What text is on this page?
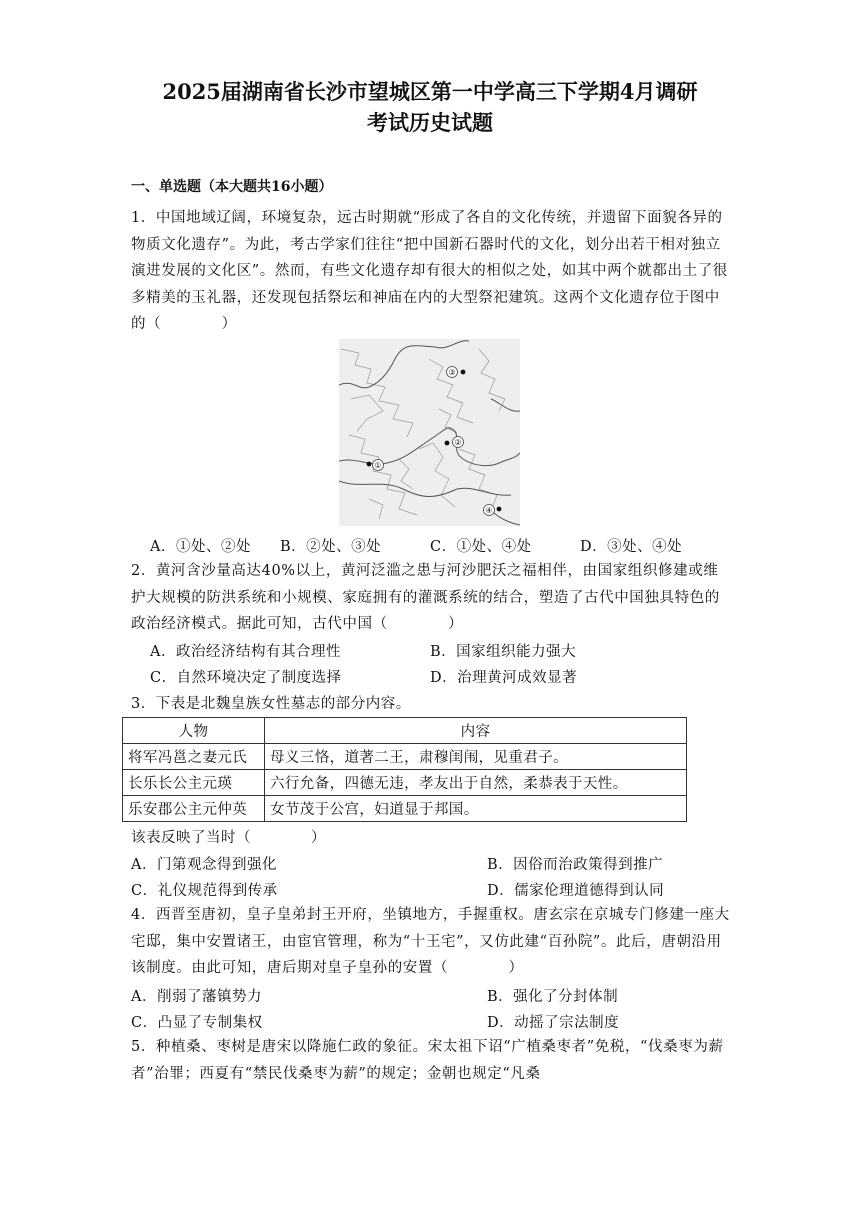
2025届湖南省长沙市望城区第一中学高三下学期4月调研
考试历史试题
一、单选题（本大题共16小题）
1．中国地域辽阔，环境复杂，远古时期就“形成了各自的文化传统，并遗留下面貌各异的物质文化遗存”。为此，考古学家们往往“把中国新石器时代的文化，划分出若干相对独立演进发展的文化区”。然而，有些文化遗存却有很大的相似之处，如其中两个就都出土了很多精美的玉礼器，还发现包括祭坛和神庙在内的大型祭祀建筑。这两个文化遗存位于图中的（　　　　）
①
②
③
④
A．①处、②处 B．②处、③处	C．①处、④处	D．③处、④处
2．黄河含沙量高达40%以上，黄河泛滥之患与河沙肥沃之福相伴，由国家组织修建或维护大规模的防洪系统和小规模、家庭拥有的灌溉系统的结合，塑造了古代中国独具特色的政治经济模式。据此可知，古代中国（　　　　）
A．政治经济结构有其合理性	B．国家组织能力强大
C．自然环境决定了制度选择	D．治理黄河成效显著
3．下表是北魏皇族女性墓志的部分内容。
人物	内容
将军冯邕之妻元氏	母义三恪，道著二王，肃穆闺闱，见重君子。
长乐长公主元瑛	六行允备，四德无违，孝友出于自然，柔恭表于天性。
乐安郡公主元仲英	女节茂于公宫，妇道显于邦国。
该表反映了当时（　　　　）
A．门第观念得到强化	B．因俗而治政策得到推广
C．礼仪规范得到传承	D．儒家伦理道德得到认同
4．西晋至唐初，皇子皇弟封王开府，坐镇地方，手握重权。唐玄宗在京城专门修建一座大宅邸，集中安置诸王，由宦官管理，称为“十王宅”，又仿此建“百孙院”。此后，唐朝沿用该制度。由此可知，唐后期对皇子皇孙的安置（　　　　）
A．削弱了藩镇势力	B．强化了分封体制
C．凸显了专制集权	D．动摇了宗法制度
5．种植桑、枣树是唐宋以降施仁政的象征。宋太祖下诏“广植桑枣者”免税，“伐桑枣为薪者”治罪；西夏有“禁民伐桑枣为薪”的规定；金朝也规定“凡桑
